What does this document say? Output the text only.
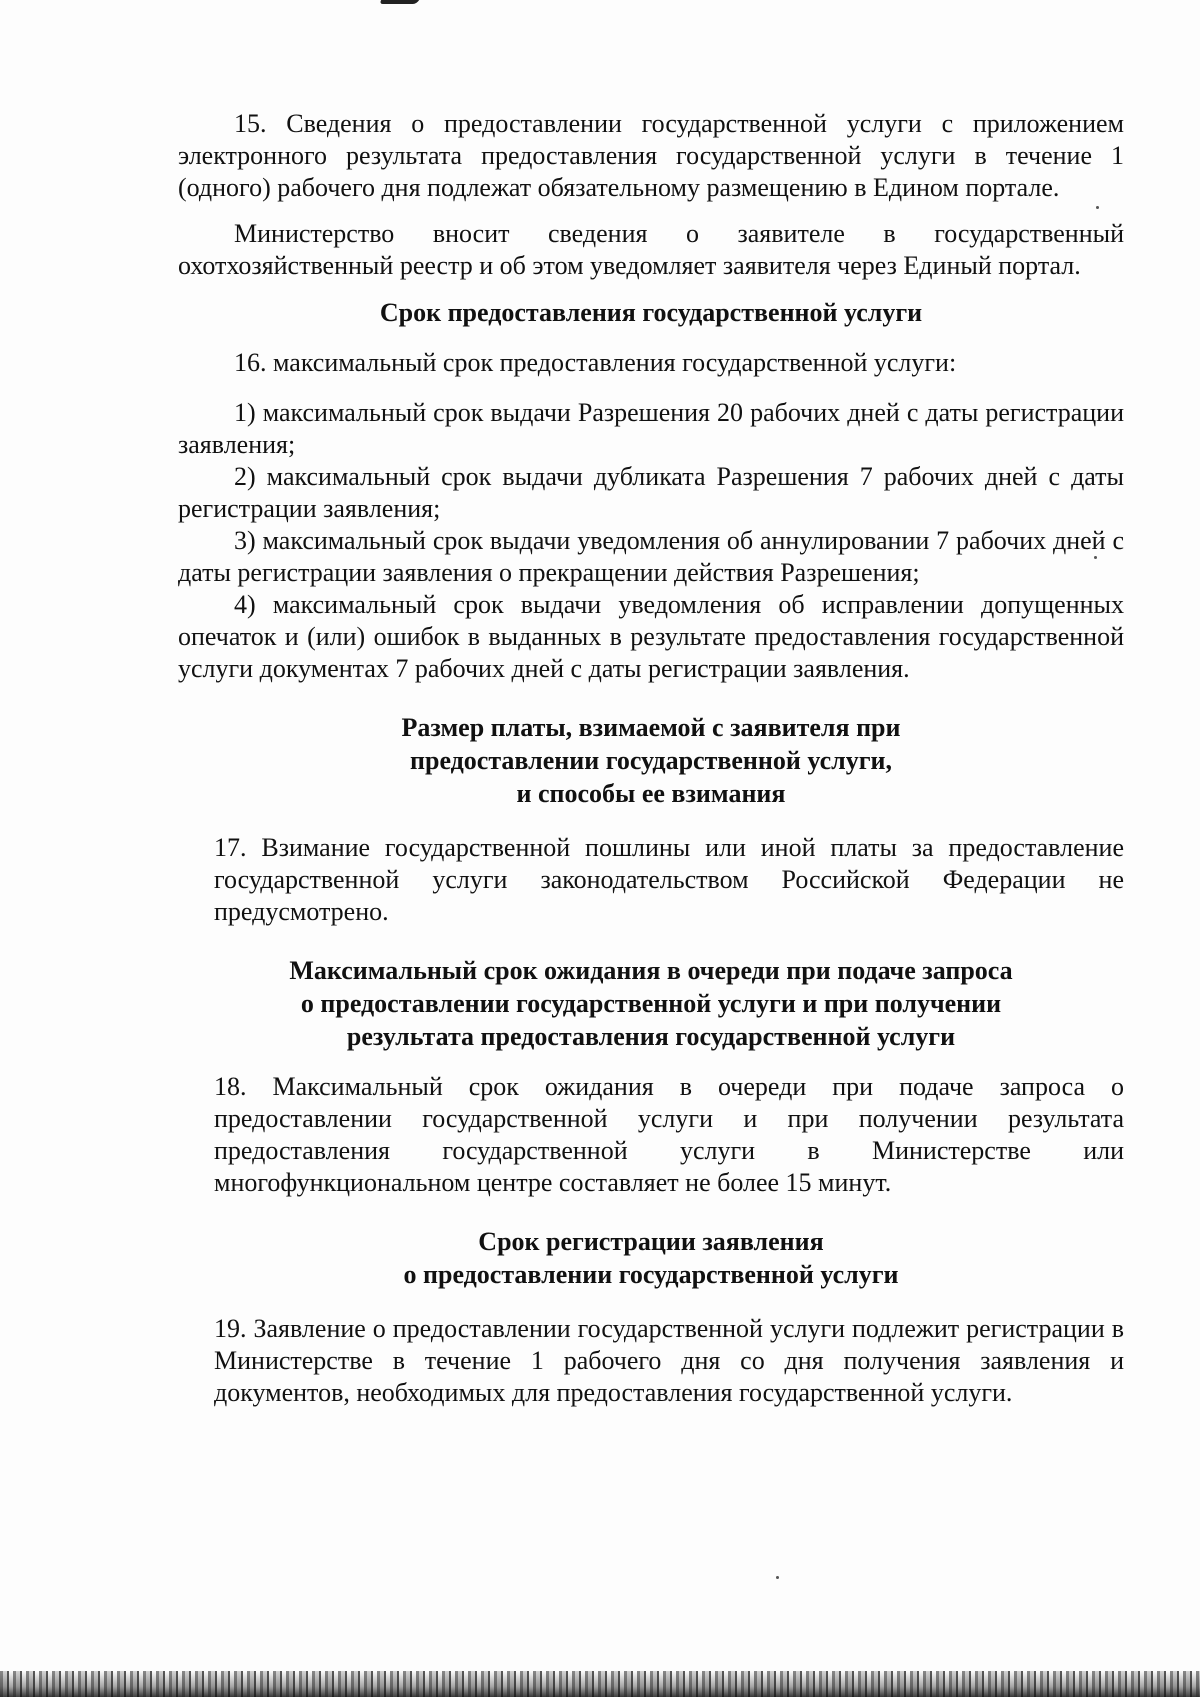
15. Сведения о предоставлении государственной услуги с приложением электронного результата предоставления государственной услуги в течение 1 (одного) рабочего дня подлежат обязательному размещению в Едином портале.

Министерство вносит сведения о заявителе в государственный охотхозяйственный реестр и об этом уведомляет заявителя через Единый портал.

Срок предоставления государственной услуги

16. максимальный срок предоставления государственной услуги:

1) максимальный срок выдачи Разрешения 20 рабочих дней с даты регистрации заявления;

2) максимальный срок выдачи дубликата Разрешения 7 рабочих дней с даты регистрации заявления;

3) максимальный срок выдачи уведомления об аннулировании 7 рабочих дней с даты регистрации заявления о прекращении действия Разрешения;

4) максимальный срок выдачи уведомления об исправлении допущенных опечаток и (или) ошибок в выданных в результате предоставления государственной услуги документах 7 рабочих дней с даты регистрации заявления.

Размер платы, взимаемой с заявителя при
предоставлении государственной услуги,
и способы ее взимания

17. Взимание государственной пошлины или иной платы за предоставление государственной услуги законодательством Российской Федерации не предусмотрено.

Максимальный срок ожидания в очереди при подаче запроса
о предоставлении государственной услуги и при получении
результата предоставления государственной услуги

18. Максимальный срок ожидания в очереди при подаче запроса о предоставлении государственной услуги и при получении результата предоставления государственной услуги в Министерстве или многофункциональном центре составляет не более 15 минут.

Срок регистрации заявления
о предоставлении государственной услуги

19. Заявление о предоставлении государственной услуги подлежит регистрации в Министерстве в течение 1 рабочего дня со дня получения заявления и документов, необходимых для предоставления государственной услуги.
